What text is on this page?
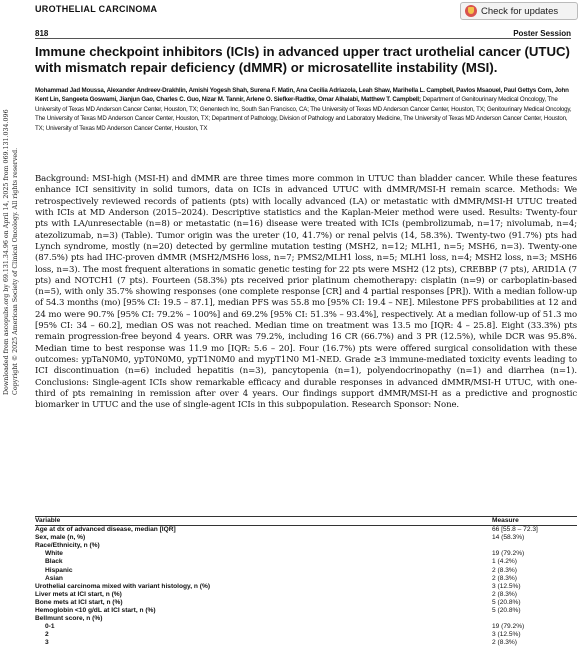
UROTHELIAL CARCINOMA	Check for updates
818	Poster Session
Immune checkpoint inhibitors (ICIs) in advanced upper tract urothelial cancer (UTUC) with mismatch repair deficiency (dMMR) or microsatellite instability (MSI).
Mohammad Jad Moussa, Alexander Andreev-Drakhlin, Amishi Yogesh Shah, Surena F. Matin, Ana Cecilia Adriazola, Leah Shaw, Marihella L. Campbell, Pavlos Msaouel, Paul Gettys Corn, John Kent Lin, Sangeeta Goswami, Jianjun Gao, Charles C. Guo, Nizar M. Tannir, Arlene O. Siefker-Radtke, Omar Alhalabi, Matthew T. Campbell; Department of Genitourinary Medical Oncology, The University of Texas MD Anderson Cancer Center, Houston, TX; Genentech Inc, South San Francisco, CA; The University of Texas MD Anderson Cancer Center, Houston, TX; Genitourinary Medical Oncology, The University of Texas MD Anderson Cancer Center, Houston, TX; Department of Pathology, Division of Pathology and Laboratory Medicine, The University of Texas MD Anderson Cancer Center, Houston, TX; University of Texas MD Anderson Cancer Center, Houston, TX
Background: MSI-high (MSI-H) and dMMR are three times more common in UTUC than bladder cancer. While these features enhance ICI sensitivity in solid tumors, data on ICIs in advanced UTUC with dMMR/MSI-H remain scarce. Methods: We retrospectively reviewed records of patients (pts) with locally advanced (LA) or metastatic with dMMR/MSI-H UTUC treated with ICIs at MD Anderson (2015–2024). Descriptive statistics and the Kaplan-Meier method were used. Results: Twenty-four pts with LA/unresectable (n=8) or metastatic (n=16) disease were treated with ICIs (pembrolizumab, n=17; nivolumab, n=4; atezolizumab, n=3) (Table). Tumor origin was the ureter (10, 41.7%) or renal pelvis (14, 58.3%). Twenty-two (91.7%) pts had Lynch syndrome, mostly (n=20) detected by germline mutation testing (MSH2, n=12; MLH1, n=5; MSH6, n=3). Twenty-one (87.5%) pts had IHC-proven dMMR (MSH2/MSH6 loss, n=7; PMS2/MLH1 loss, n=5; MLH1 loss, n=4; MSH2 loss, n=3; MSH6 loss, n=3). The most frequent alterations in somatic genetic testing for 22 pts were MSH2 (12 pts), CREBBP (7 pts), ARID1A (7 pts) and NOTCH1 (7 pts). Fourteen (58.3%) pts received prior platinum chemotherapy: cisplatin (n=9) or carboplatin-based (n=5), with only 35.7% showing responses (one complete response [CR] and 4 partial responses [PR]). With a median follow-up of 54.3 months (mo) [95% CI: 19.5 – 87.1], median PFS was 55.8 mo [95% CI: 19.4 – NE]. Milestone PFS probabilities at 12 and 24 mo were 90.7% [95% CI: 79.2% – 100%] and 69.2% [95% CI: 51.3% – 93.4%], respectively. At a median follow-up of 51.3 mo [95% CI: 34 – 60.2], median OS was not reached. Median time on treatment was 13.5 mo [IQR: 4 – 25.8]. Eight (33.3%) pts remain progression-free beyond 4 years. ORR was 79.2%, including 16 CR (66.7%) and 3 PR (12.5%), while DCR was 95.8%. Median time to best response was 11.9 mo [IQR: 5.6 – 20]. Four (16.7%) pts were offered surgical consolidation with these outcomes: ypTaN0M0, ypT0N0M0, ypT1N0M0 and mypT1N0 M1-NED. Grade ≥3 immune-mediated toxicity events leading to ICI discontinuation (n=6) included hepatitis (n=3), pancytopenia (n=1), polyendocrinopathy (n=1) and diarrhea (n=1). Conclusions: Single-agent ICIs show remarkable efficacy and durable responses in advanced dMMR/MSI-H UTUC, with one-third of pts remaining in remission after over 4 years. Our findings support dMMR/MSI-H as a predictive and prognostic biomarker in UTUC and the use of single-agent ICIs in this subpopulation. Research Sponsor: None.
Downloaded from ascopubs.org by 69.131.34.96 on April 14, 2025 from 069.131.034.096 Copyright © 2025 American Society of Clinical Oncology. All rights reserved.
Variable	Measure
Age at dx of advanced disease, median [IQR]	66 [55.8 – 72.3]
Sex, male (n, %)	14 (58.3%)
Race/Ethnicity, n (%)	
White	19 (79.2%)
Black	1 (4.2%)
Hispanic	2 (8.3%)
Asian	2 (8.3%)
Urothelial carcinoma mixed with variant histology, n (%)	3 (12.5%)
Liver mets at ICI start, n (%)	2 (8.3%)
Bone mets at ICI start, n (%)	5 (20.8%)
Hemoglobin <10 g/dL at ICI start, n (%)	5 (20.8%)
Bellmunt score, n (%)	
0-1	19 (79.2%)
2	3 (12.5%)
3	2 (8.3%)
